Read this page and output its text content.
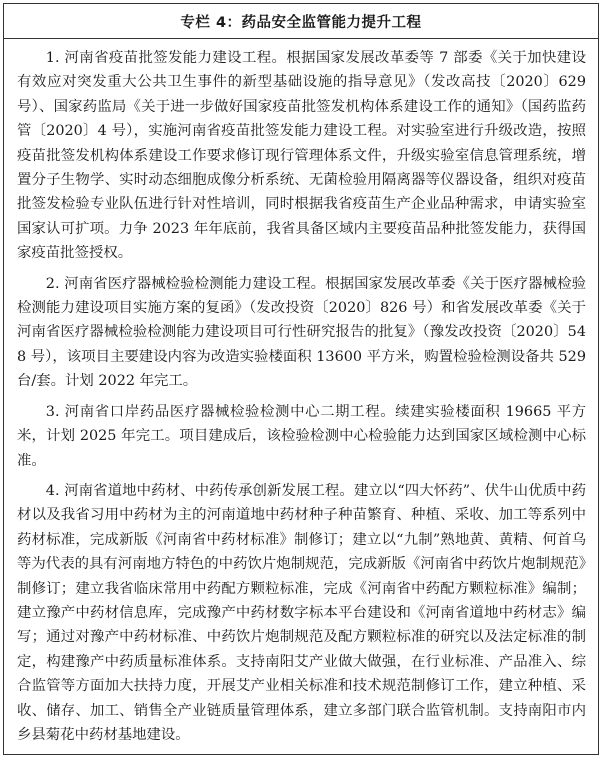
专栏 4：药品安全监管能力提升工程

1. 河南省疫苗批签发能力建设工程。根据国家发展改革委等 7 部委《关于加快建设有效应对突发重大公共卫生事件的新型基础设施的指导意见》（发改高技〔2020〕629 号）、国家药监局《关于进一步做好国家疫苗批签发机构体系建设工作的通知》（国药监药管〔2020〕4 号），实施河南省疫苗批签发能力建设工程。对实验室进行升级改造，按照疫苗批签发机构体系建设工作要求修订现行管理体系文件，升级实验室信息管理系统，增置分子生物学、实时动态细胞成像分析系统、无菌检验用隔离器等仪器设备，组织对疫苗批签发检验专业队伍进行针对性培训，同时根据我省疫苗生产企业品种需求，申请实验室国家认可扩项。力争 2023 年年底前，我省具备区域内主要疫苗品种批签发能力，获得国家疫苗批签授权。

2. 河南省医疗器械检验检测能力建设工程。根据国家发展改革委《关于医疗器械检验检测能力建设项目实施方案的复函》（发改投资〔2020〕826 号）和省发展改革委《关于河南省医疗器械检验检测能力建设项目可行性研究报告的批复》（豫发改投资〔2020〕548 号），该项目主要建设内容为改造实验楼面积 13600 平方米，购置检验检测设备共 529 台/套。计划 2022 年完工。

3. 河南省口岸药品医疗器械检验检测中心二期工程。续建实验楼面积 19665 平方米，计划 2025 年完工。项目建成后，该检验检测中心检验能力达到国家区域检测中心标准。

4. 河南省道地中药材、中药传承创新发展工程。建立以“四大怀药”、伏牛山优质中药材以及我省习用中药材为主的河南道地中药材种子种苗繁育、种植、采收、加工等系列中药材标准，完成新版《河南省中药材标准》制修订；建立以“九制”熟地黄、黄精、何首乌等为代表的具有河南地方特色的中药饮片炮制规范，完成新版《河南省中药饮片炮制规范》制修订；建立我省临床常用中药配方颗粒标准，完成《河南省中药配方颗粒标准》编制；建立豫产中药材信息库，完成豫产中药材数字标本平台建设和《河南省道地中药材志》编写；通过对豫产中药材标准、中药饮片炮制规范及配方颗粒标准的研究以及法定标准的制定，构建豫产中药质量标准体系。支持南阳艾产业做大做强，在行业标准、产品准入、综合监管等方面加大扶持力度，开展艾产业相关标准和技术规范制修订工作，建立种植、采收、储存、加工、销售全产业链质量管理体系，建立多部门联合监管机制。支持南阳市内乡县菊花中药材基地建设。
